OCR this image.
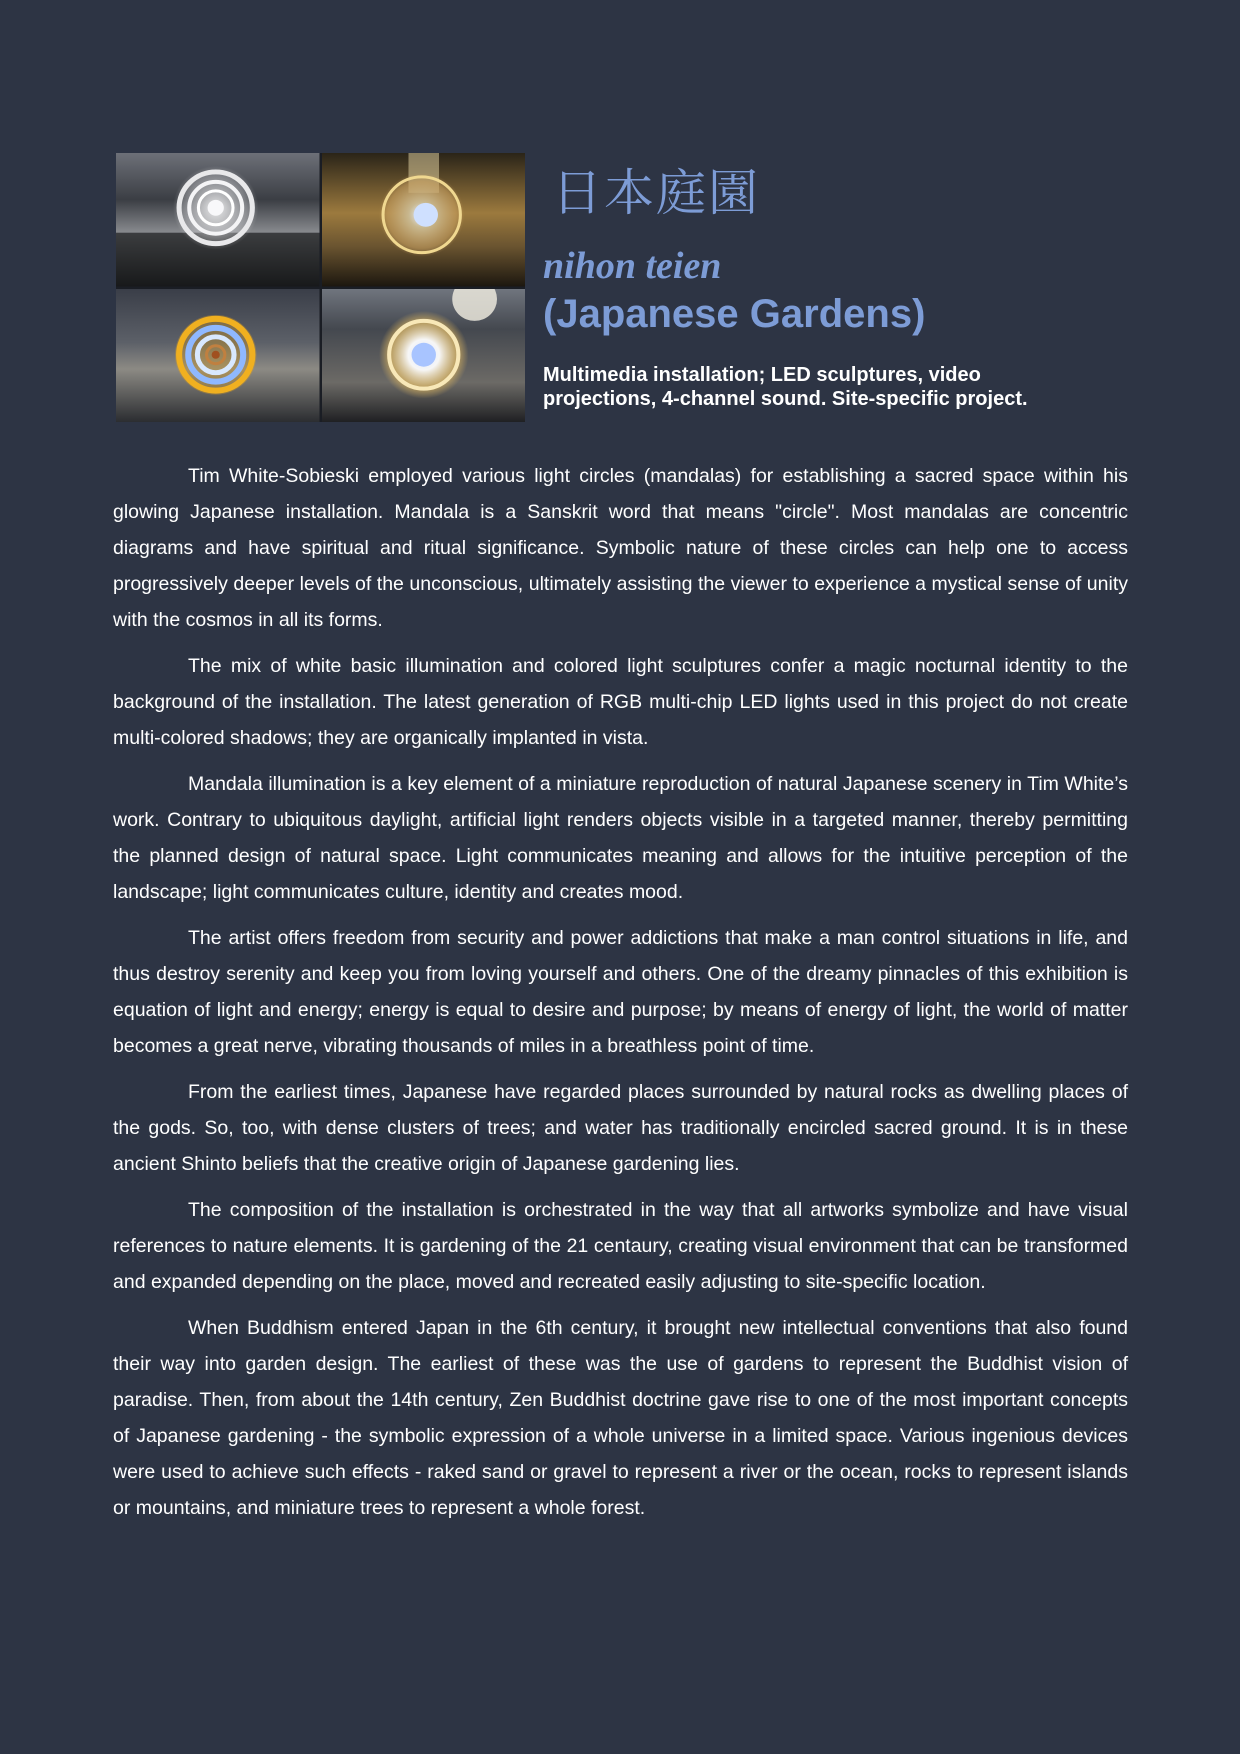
日本庭園
nihon teien
(Japanese Gardens)

Multimedia installation; LED sculptures, video
projections, 4-channel sound. Site-specific project.

Tim White-Sobieski employed various light circles (mandalas) for establishing a sacred space within his glowing Japanese installation. Mandala is a Sanskrit word that means "circle". Most mandalas are concentric diagrams and have spiritual and ritual significance. Symbolic nature of these circles can help one to access progressively deeper levels of the unconscious, ultimately assisting the viewer to experience a mystical sense of unity with the cosmos in all its forms.

The mix of white basic illumination and colored light sculptures confer a magic nocturnal identity to the background of the installation. The latest generation of RGB multi-chip LED lights used in this project do not create multi-colored shadows; they are organically implanted in vista.

Mandala illumination is a key element of a miniature reproduction of natural Japanese scenery in Tim White’s work. Contrary to ubiquitous daylight, artificial light renders objects visible in a targeted manner, thereby permitting the planned design of natural space. Light communicates meaning and allows for the intuitive perception of the landscape; light communicates culture, identity and creates mood.

The artist offers freedom from security and power addictions that make a man control situations in life, and thus destroy serenity and keep you from loving yourself and others. One of the dreamy pinnacles of this exhibition is equation of light and energy; energy is equal to desire and purpose; by means of energy of light, the world of matter becomes a great nerve, vibrating thousands of miles in a breathless point of time.

From the earliest times, Japanese have regarded places surrounded by natural rocks as dwelling places of the gods. So, too, with dense clusters of trees; and water has traditionally encircled sacred ground. It is in these ancient Shinto beliefs that the creative origin of Japanese gardening lies.

The composition of the installation is orchestrated in the way that all artworks symbolize and have visual references to nature elements. It is gardening of the 21 centaury, creating visual environment that can be transformed and expanded depending on the place, moved and recreated easily adjusting to site-specific location.

When Buddhism entered Japan in the 6th century, it brought new intellectual conventions that also found their way into garden design. The earliest of these was the use of gardens to represent the Buddhist vision of paradise. Then, from about the 14th century, Zen Buddhist doctrine gave rise to one of the most important concepts of Japanese gardening - the symbolic expression of a whole universe in a limited space. Various ingenious devices were used to achieve such effects - raked sand or gravel to represent a river or the ocean, rocks to represent islands or mountains, and miniature trees to represent a whole forest.
